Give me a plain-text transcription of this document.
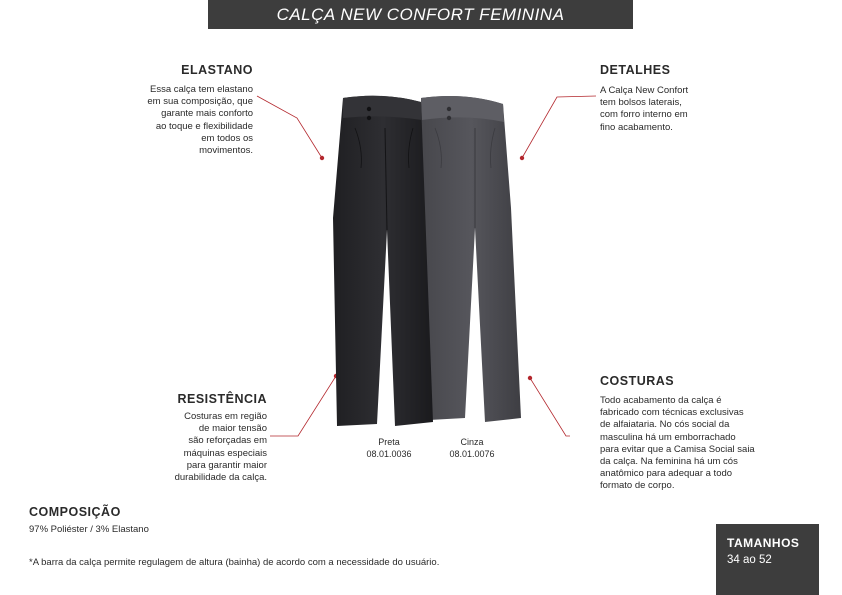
CALÇA NEW CONFORT FEMININA
ELASTANO
Essa calça tem elastano
em sua composição, que
garante mais conforto
ao toque e flexibilidade
em todos os
movimentos.
DETALHES
A Calça New Confort
tem bolsos laterais,
com forro interno em
fino acabamento.
RESISTÊNCIA
Costuras em região
de maior tensão
são reforçadas em
máquinas especiais
para garantir maior
durabilidade da calça.
COSTURAS
Todo acabamento da calça é
fabricado com técnicas exclusivas
de alfaiataria. No cós social da
masculina há um emborrachado
para evitar que a Camisa Social saia
da calça. Na feminina há um cós
anatômico para adequar a todo
formato de corpo.
Preta
08.01.0036
Cinza
08.01.0076
COMPOSIÇÃO
97% Poliéster / 3% Elastano
*A barra da calça permite regulagem de altura (bainha) de acordo com a necessidade do usuário.
TAMANHOS
34 ao 52
